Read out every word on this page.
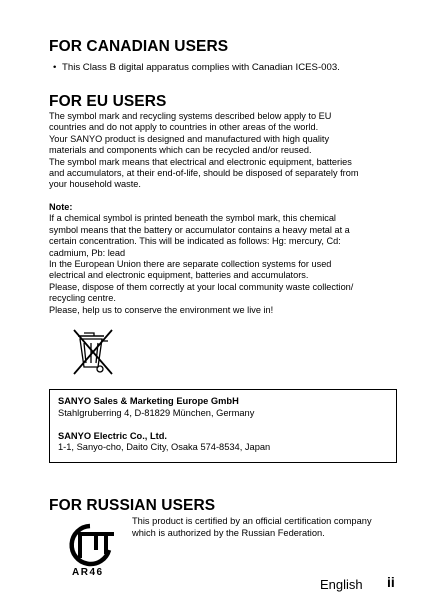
FOR CANADIAN USERS
• This Class B digital apparatus complies with Canadian ICES-003.
FOR EU USERS
The symbol mark and recycling systems described below apply to EU
countries and do not apply to countries in other areas of the world.
Your SANYO product is designed and manufactured with high quality
materials and components which can be recycled and/or reused.
The symbol mark means that electrical and electronic equipment, batteries
and accumulators, at their end-of-life, should be disposed of separately from
your household waste.
Note:
If a chemical symbol is printed beneath the symbol mark, this chemical
symbol means that the battery or accumulator contains a heavy metal at a
certain concentration. This will be indicated as follows: Hg: mercury, Cd:
cadmium, Pb: lead
In the European Union there are separate collection systems for used
electrical and electronic equipment, batteries and accumulators.
Please, dispose of them correctly at your local community waste collection/
recycling centre.
Please, help us to conserve the environment we live in!
SANYO Sales & Marketing Europe GmbH
Stahlgruberring 4, D-81829 München, Germany
SANYO Electric Co., Ltd.
1-1, Sanyo-cho, Daito City, Osaka 574-8534, Japan
FOR RUSSIAN USERS
AR46
This product is certified by an official certification company
which is authorized by the Russian Federation.
English ii
